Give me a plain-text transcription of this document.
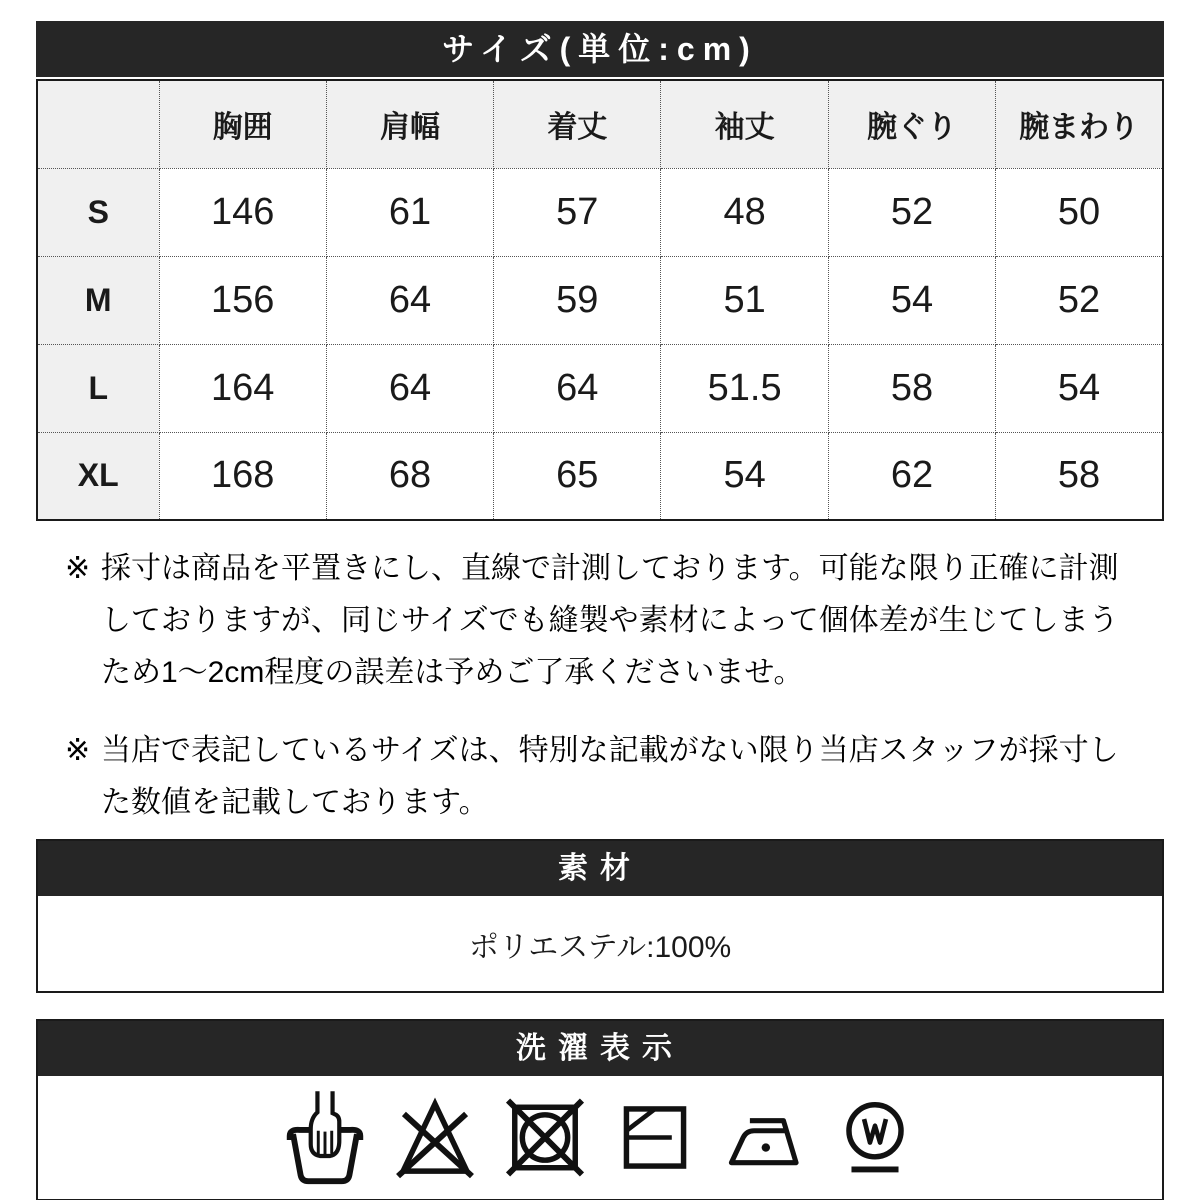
サイズ(単位:cm)
	胸囲	肩幅	着丈	袖丈	腕ぐり	腕まわり
S	146	61	57	48	52	50
M	156	64	59	51	54	52
L	164	64	64	51.5	58	54
XL	168	68	65	54	62	58
※ 採寸は商品を平置きにし、直線で計測しております。可能な限り正確に計測しておりますが、同じサイズでも縫製や素材によって個体差が生じてしまうため1〜2cm程度の誤差は予めご了承くださいませ。
※ 当店で表記しているサイズは、特別な記載がない限り当店スタッフが採寸した数値を記載しております。
素材
ポリエステル:100%
洗濯表示
